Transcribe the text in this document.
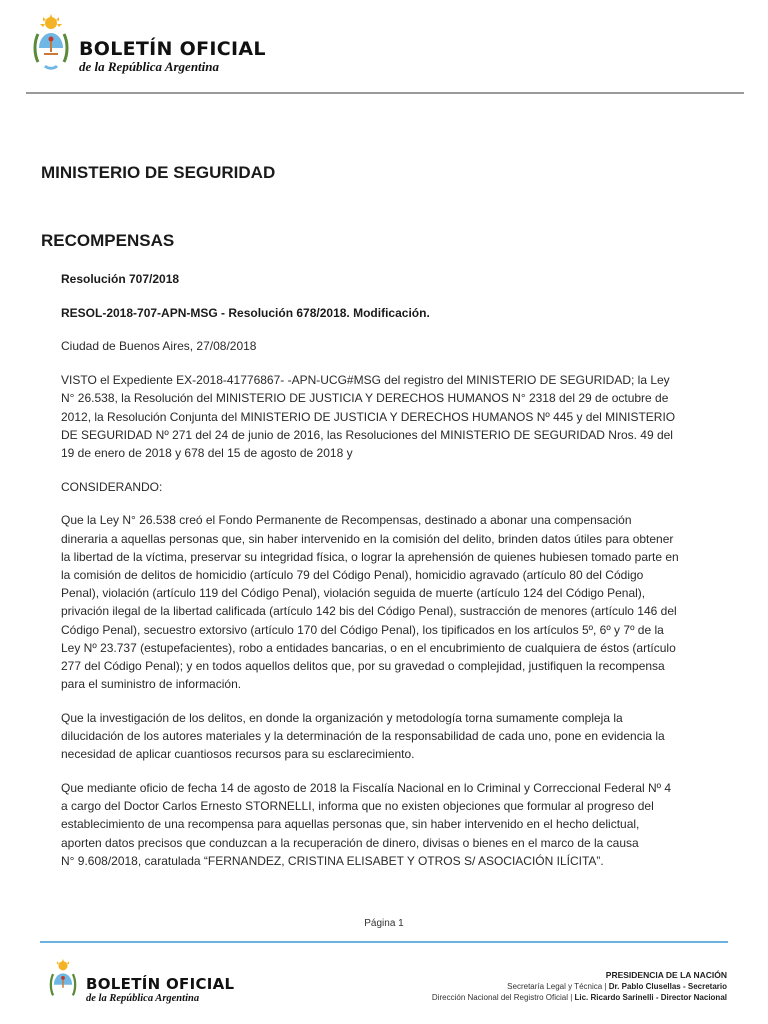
BOLETÍN OFICIAL
de la República Argentina
MINISTERIO DE SEGURIDAD
RECOMPENSAS

Resolución 707/2018

RESOL-2018-707-APN-MSG - Resolución 678/2018. Modificación.

Ciudad de Buenos Aires, 27/08/2018

VISTO el Expediente EX-2018-41776867- -APN-UCG#MSG del registro del MINISTERIO DE SEGURIDAD; la Ley
N° 26.538, la Resolución del MINISTERIO DE JUSTICIA Y DERECHOS HUMANOS N° 2318 del 29 de octubre de
2012, la Resolución Conjunta del MINISTERIO DE JUSTICIA Y DERECHOS HUMANOS Nº 445 y del MINISTERIO
DE SEGURIDAD Nº 271 del 24 de junio de 2016, las Resoluciones del MINISTERIO DE SEGURIDAD Nros. 49 del
19 de enero de 2018 y 678 del 15 de agosto de 2018 y

CONSIDERANDO:

Que la Ley N° 26.538 creó el Fondo Permanente de Recompensas, destinado a abonar una compensación
dineraria a aquellas personas que, sin haber intervenido en la comisión del delito, brinden datos útiles para obtener
la libertad de la víctima, preservar su integridad física, o lograr la aprehensión de quienes hubiesen tomado parte en
la comisión de delitos de homicidio (artículo 79 del Código Penal), homicidio agravado (artículo 80 del Código
Penal), violación (artículo 119 del Código Penal), violación seguida de muerte (artículo 124 del Código Penal),
privación ilegal de la libertad calificada (artículo 142 bis del Código Penal), sustracción de menores (artículo 146 del
Código Penal), secuestro extorsivo (artículo 170 del Código Penal), los tipificados en los artículos 5º, 6º y 7º de la
Ley Nº 23.737 (estupefacientes), robo a entidades bancarias, o en el encubrimiento de cualquiera de éstos (artículo
277 del Código Penal); y en todos aquellos delitos que, por su gravedad o complejidad, justifiquen la recompensa
para el suministro de información.

Que la investigación de los delitos, en donde la organización y metodología torna sumamente compleja la
dilucidación de los autores materiales y la determinación de la responsabilidad de cada uno, pone en evidencia la
necesidad de aplicar cuantiosos recursos para su esclarecimiento.

Que mediante oficio de fecha 14 de agosto de 2018 la Fiscalía Nacional en lo Criminal y Correccional Federal Nº 4
a cargo del Doctor Carlos Ernesto STORNELLI, informa que no existen objeciones que formular al progreso del
establecimiento de una recompensa para aquellas personas que, sin haber intervenido en el hecho delictual,
aporten datos precisos que conduzcan a la recuperación de dinero, divisas o bienes en el marco de la causa
N° 9.608/2018, caratulada “FERNANDEZ, CRISTINA ELISABET Y OTROS S/ ASOCIACIÓN ILÍCITA”.

Página 1
BOLETÍN OFICIAL
de la República Argentina
PRESIDENCIA DE LA NACIÓN
Secretaría Legal y Técnica | Dr. Pablo Clusellas - Secretario
Dirección Nacional del Registro Oficial | Lic. Ricardo Sarinelli - Director Nacional
